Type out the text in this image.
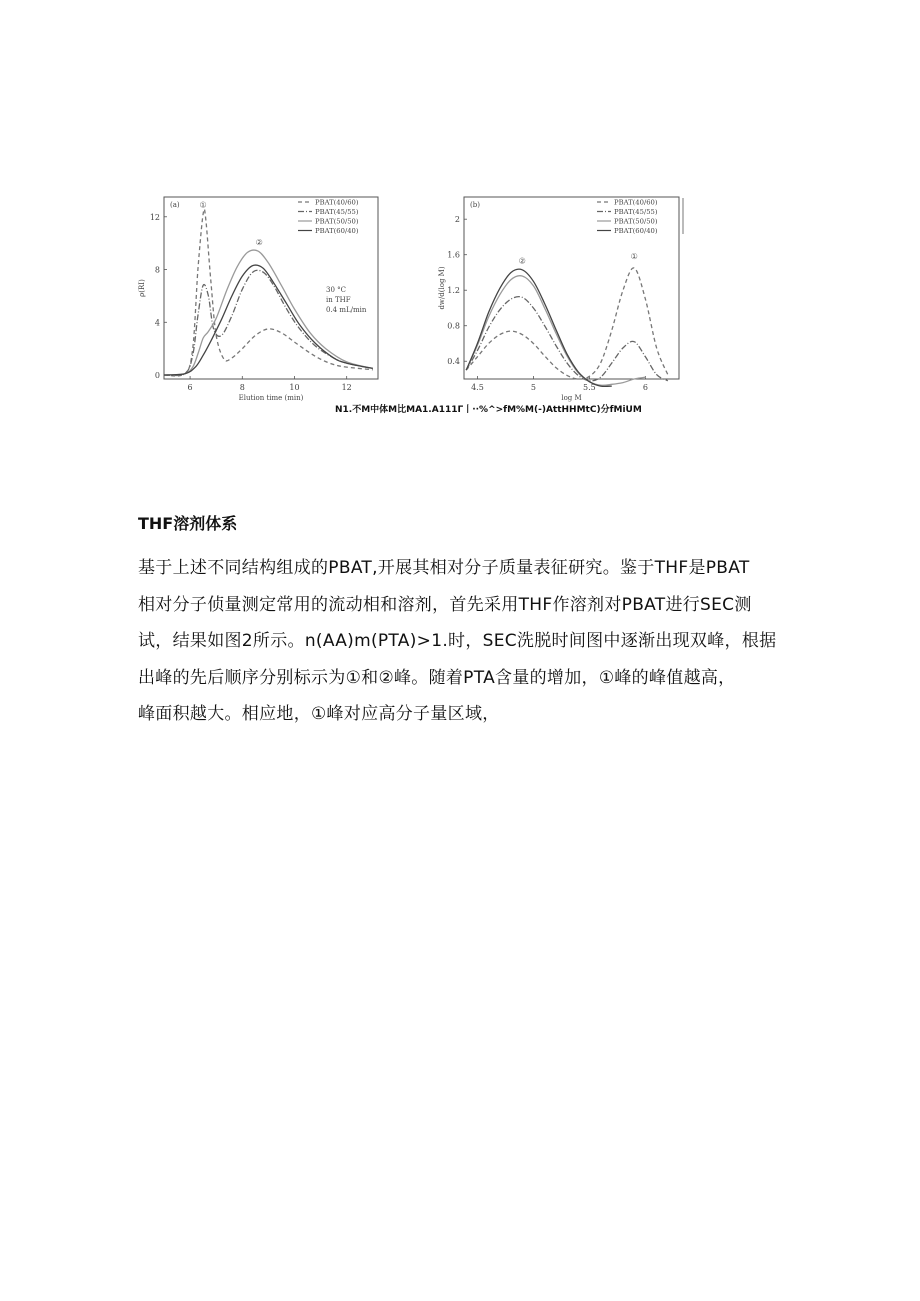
6	8	10	12
0
4
8
12
Elution time (min)
ρ(RI)
(a)	PBAT(40/60)
PBAT(45/55)
PBAT(50/50)
PBAT(60/40)
①
②
30 °C
in THF
0.4 mL/min
4.5	5	5.5	6
0.4
0.8
1.2
1.6
2
log M
dw/d(log M)
(b)	PBAT(40/60)
PBAT(45/55)
PBAT(50/50)
PBAT(60/40)
②	①
N1.不M中体M比MA1.A111Γ丨··%^>fM%M(-)AttHHMtC)分fMiUM
THF溶剂体系
基于上述不同结构组成的PBAT,开展其相对分子质量表征研究。鉴于THF是PBAT
相对分子侦量测定常用的流动相和溶剂，首先采用THF作溶剂对PBAT进行SEC测
试，结果如图2所示。n(AA)m(PTA)>1.时，SEC洗脱时间图中逐渐出现双峰，根据
出峰的先后顺序分别标示为①和②峰。随着PTA含量的增加，①峰的峰值越高，
峰面积越大。相应地，①峰对应高分子量区域，
